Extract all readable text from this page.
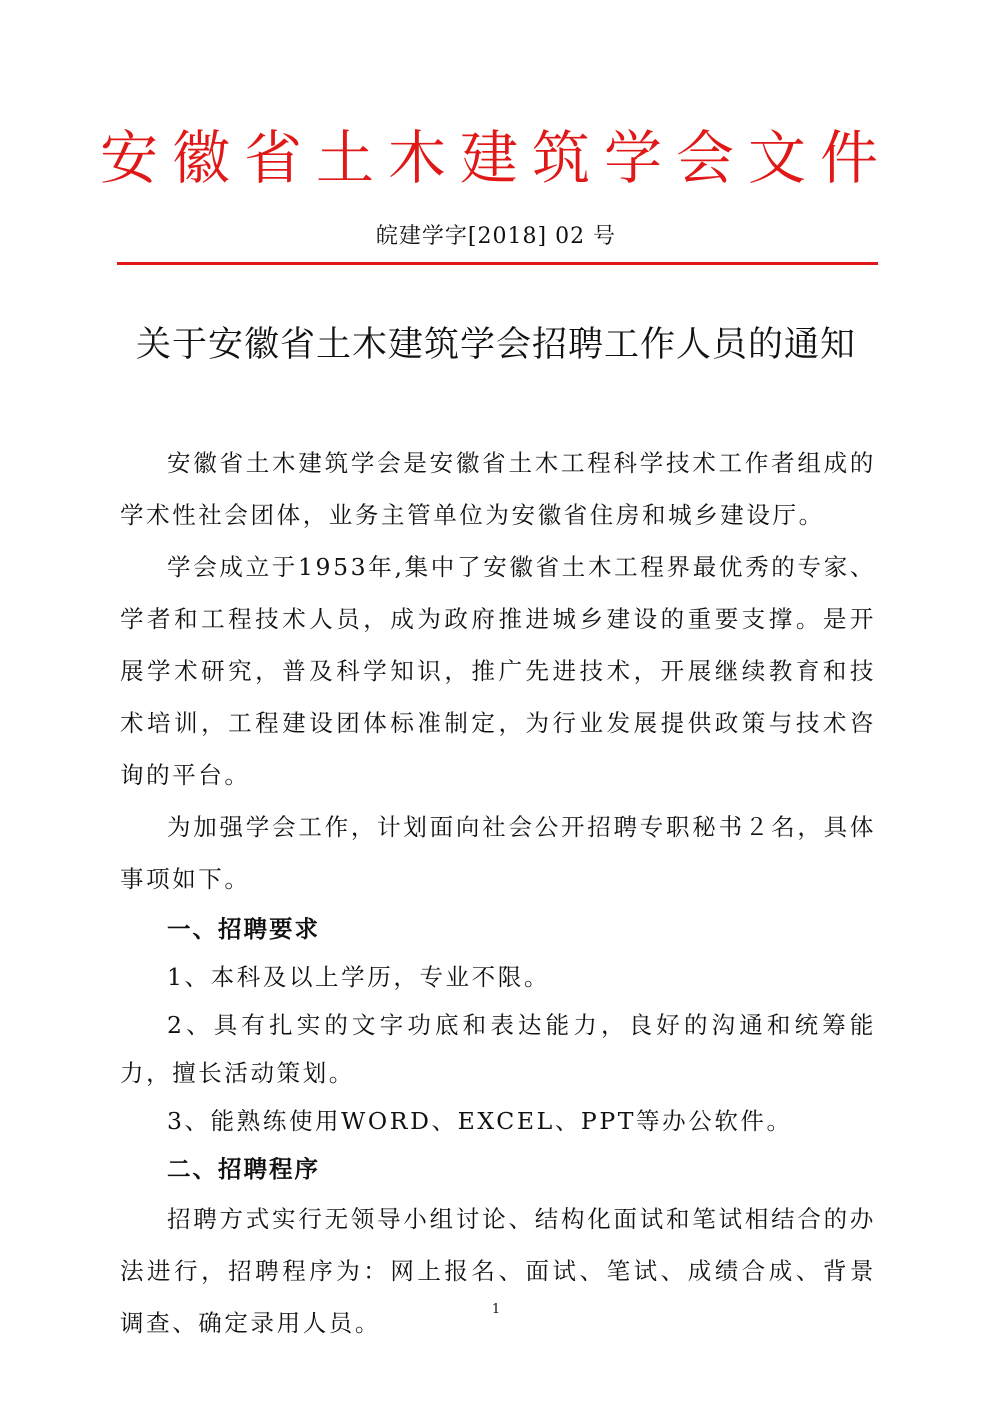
安徽省土木建筑学会文件
皖建学字[2018] 02 号
关于安徽省土木建筑学会招聘工作人员的通知

安徽省土木建筑学会是安徽省土木工程科学技术工作者组成的学术性社会团体，业务主管单位为安徽省住房和城乡建设厅。

学会成立于1953年,集中了安徽省土木工程界最优秀的专家、学者和工程技术人员，成为政府推进城乡建设的重要支撑。是开展学术研究，普及科学知识，推广先进技术，开展继续教育和技术培训，工程建设团体标准制定，为行业发展提供政策与技术咨询的平台。

为加强学会工作，计划面向社会公开招聘专职秘书２名，具体事项如下。

一、招聘要求

1、本科及以上学历，专业不限。

2、具有扎实的文字功底和表达能力，良好的沟通和统筹能力，擅长活动策划。

3、能熟练使用WORD、EXCEL、PPT等办公软件。

二、招聘程序

招聘方式实行无领导小组讨论、结构化面试和笔试相结合的办法进行，招聘程序为：网上报名、面试、笔试、成绩合成、背景调查、确定录用人员。	1
